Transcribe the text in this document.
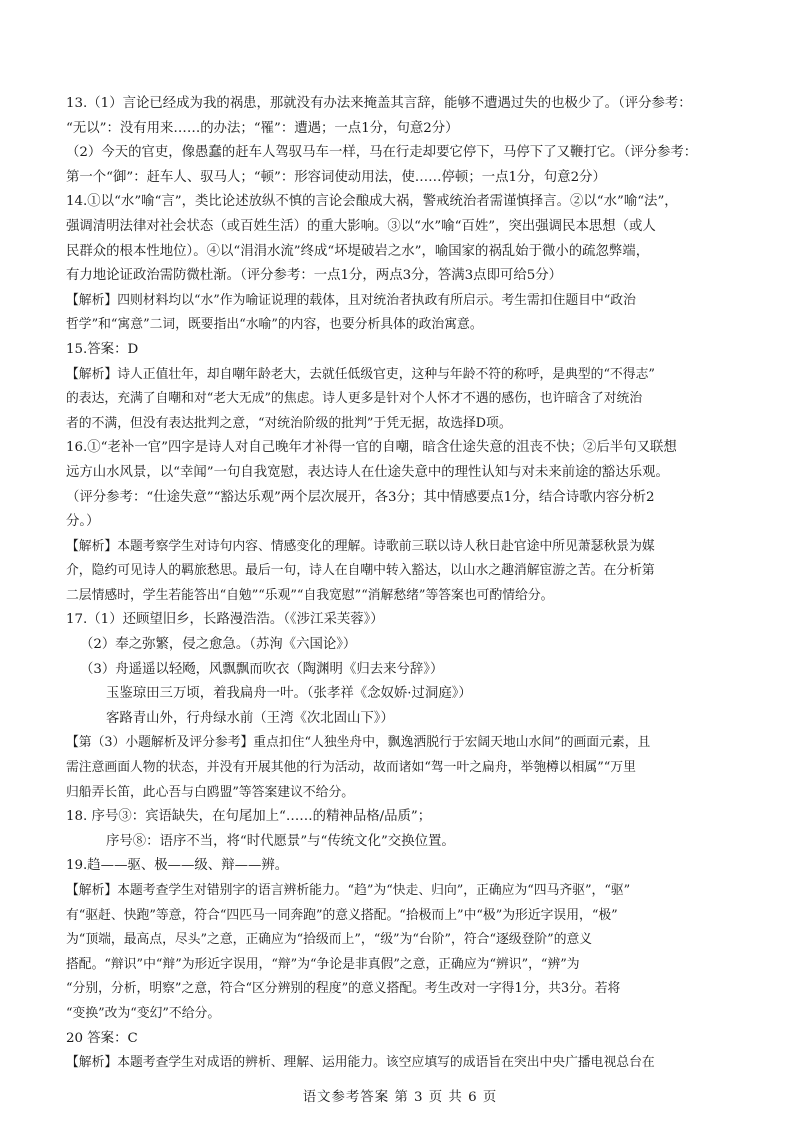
13.（1）言论已经成为我的祸患，那就没有办法来掩盖其言辞，能够不遭遇过失的也极少了。（评分参考：

“无以”：没有用来……的办法；“罹”：遭遇；一点1分，句意2分）

（2）今天的官吏，像愚蠢的赶车人驾驭马车一样，马在行走却要它停下，马停下了又鞭打它。（评分参考：

第一个“御”：赶车人、驭马人；“顿”：形容词使动用法，使……停顿；一点1分，句意2分）

14.①以“水”喻“言”，类比论述放纵不慎的言论会酿成大祸，警戒统治者需谨慎择言。②以“水”喻“法”，

强调清明法律对社会状态（或百姓生活）的重大影响。③以“水”喻“百姓”，突出强调民本思想（或人

民群众的根本性地位）。④以“涓涓水流”终成“坏堤破岩之水”，喻国家的祸乱始于微小的疏忽弊端，

有力地论证政治需防微杜渐。（评分参考：一点1分，两点3分，答满3点即可给5分）

【解析】四则材料均以“水”作为喻证说理的载体，且对统治者执政有所启示。考生需扣住题目中“政治

哲学”和“寓意”二词，既要指出“水喻”的内容，也要分析具体的政治寓意。

15.答案：D

【解析】诗人正值壮年，却自嘲年龄老大，去就任低级官吏，这种与年龄不符的称呼，是典型的“不得志”

的表达，充满了自嘲和对“老大无成”的焦虑。诗人更多是针对个人怀才不遇的感伤，也许暗含了对统治

者的不满，但没有表达批判之意，“对统治阶级的批判”于凭无据，故选择D项。

16.①“老补一官”四字是诗人对自己晚年才补得一官的自嘲，暗含仕途失意的沮丧不快；②后半句又联想

远方山水风景，以“幸闻”一句自我宽慰，表达诗人在仕途失意中的理性认知与对未来前途的豁达乐观。

（评分参考：“仕途失意”“豁达乐观”两个层次展开，各3分；其中情感要点1分，结合诗歌内容分析2

分。）

【解析】本题考察学生对诗句内容、情感变化的理解。诗歌前三联以诗人秋日赴官途中所见萧瑟秋景为媒

介，隐约可见诗人的羁旅愁思。最后一句，诗人在自嘲中转入豁达，以山水之趣消解宦游之苦。在分析第

二层情感时，学生若能答出“自勉”“乐观”“自我宽慰”“消解愁绪”等答案也可酌情给分。

17.（1）还顾望旧乡，长路漫浩浩。（《涉江采芙蓉》）

（2）奉之弥繁，侵之愈急。（苏洵《六国论》）

（3）舟遥遥以轻飏，风飘飘而吹衣（陶渊明《归去来兮辞》）

玉鉴琼田三万顷，着我扁舟一叶。（张孝祥《念奴娇·过洞庭》）

客路青山外，行舟绿水前（王湾《次北固山下》）

【第（3）小题解析及评分参考】重点扣住“人独坐舟中，飘逸洒脱行于宏阔天地山水间”的画面元素，且

需注意画面人物的状态，并没有开展其他的行为活动，故而诸如“驾一叶之扁舟，举匏樽以相属”“万里

归船弄长笛，此心吾与白鸥盟”等答案建议不给分。

18. 序号③：宾语缺失，在句尾加上“……的精神品格/品质”；

序号⑧：语序不当，将“时代愿景”与“传统文化”交换位置。

19.趋——驱、极——级、辩——辨。

【解析】本题考查学生对错别字的语言辨析能力。“趋”为“快走、归向”，正确应为“四马齐驱”，“驱”

有“驱赶、快跑”等意，符合“四匹马一同奔跑”的意义搭配。“拾极而上”中“极”为形近字误用，“极”

为“顶端，最高点，尽头”之意，正确应为“拾级而上”，“级”为“台阶”，符合“逐级登阶”的意义

搭配。“辩识”中“辩”为形近字误用，“辩”为“争论是非真假”之意，正确应为“辨识”，“辨”为

“分别，分析，明察”之意，符合“区分辨别的程度”的意义搭配。考生改对一字得1分，共3分。若将

“变换”改为“变幻”不给分。

20 答案：C

【解析】本题考查学生对成语的辨析、理解、运用能力。该空应填写的成语旨在突出中央广播电视总台在

语文参考答案 第 3 页 共 6 页
